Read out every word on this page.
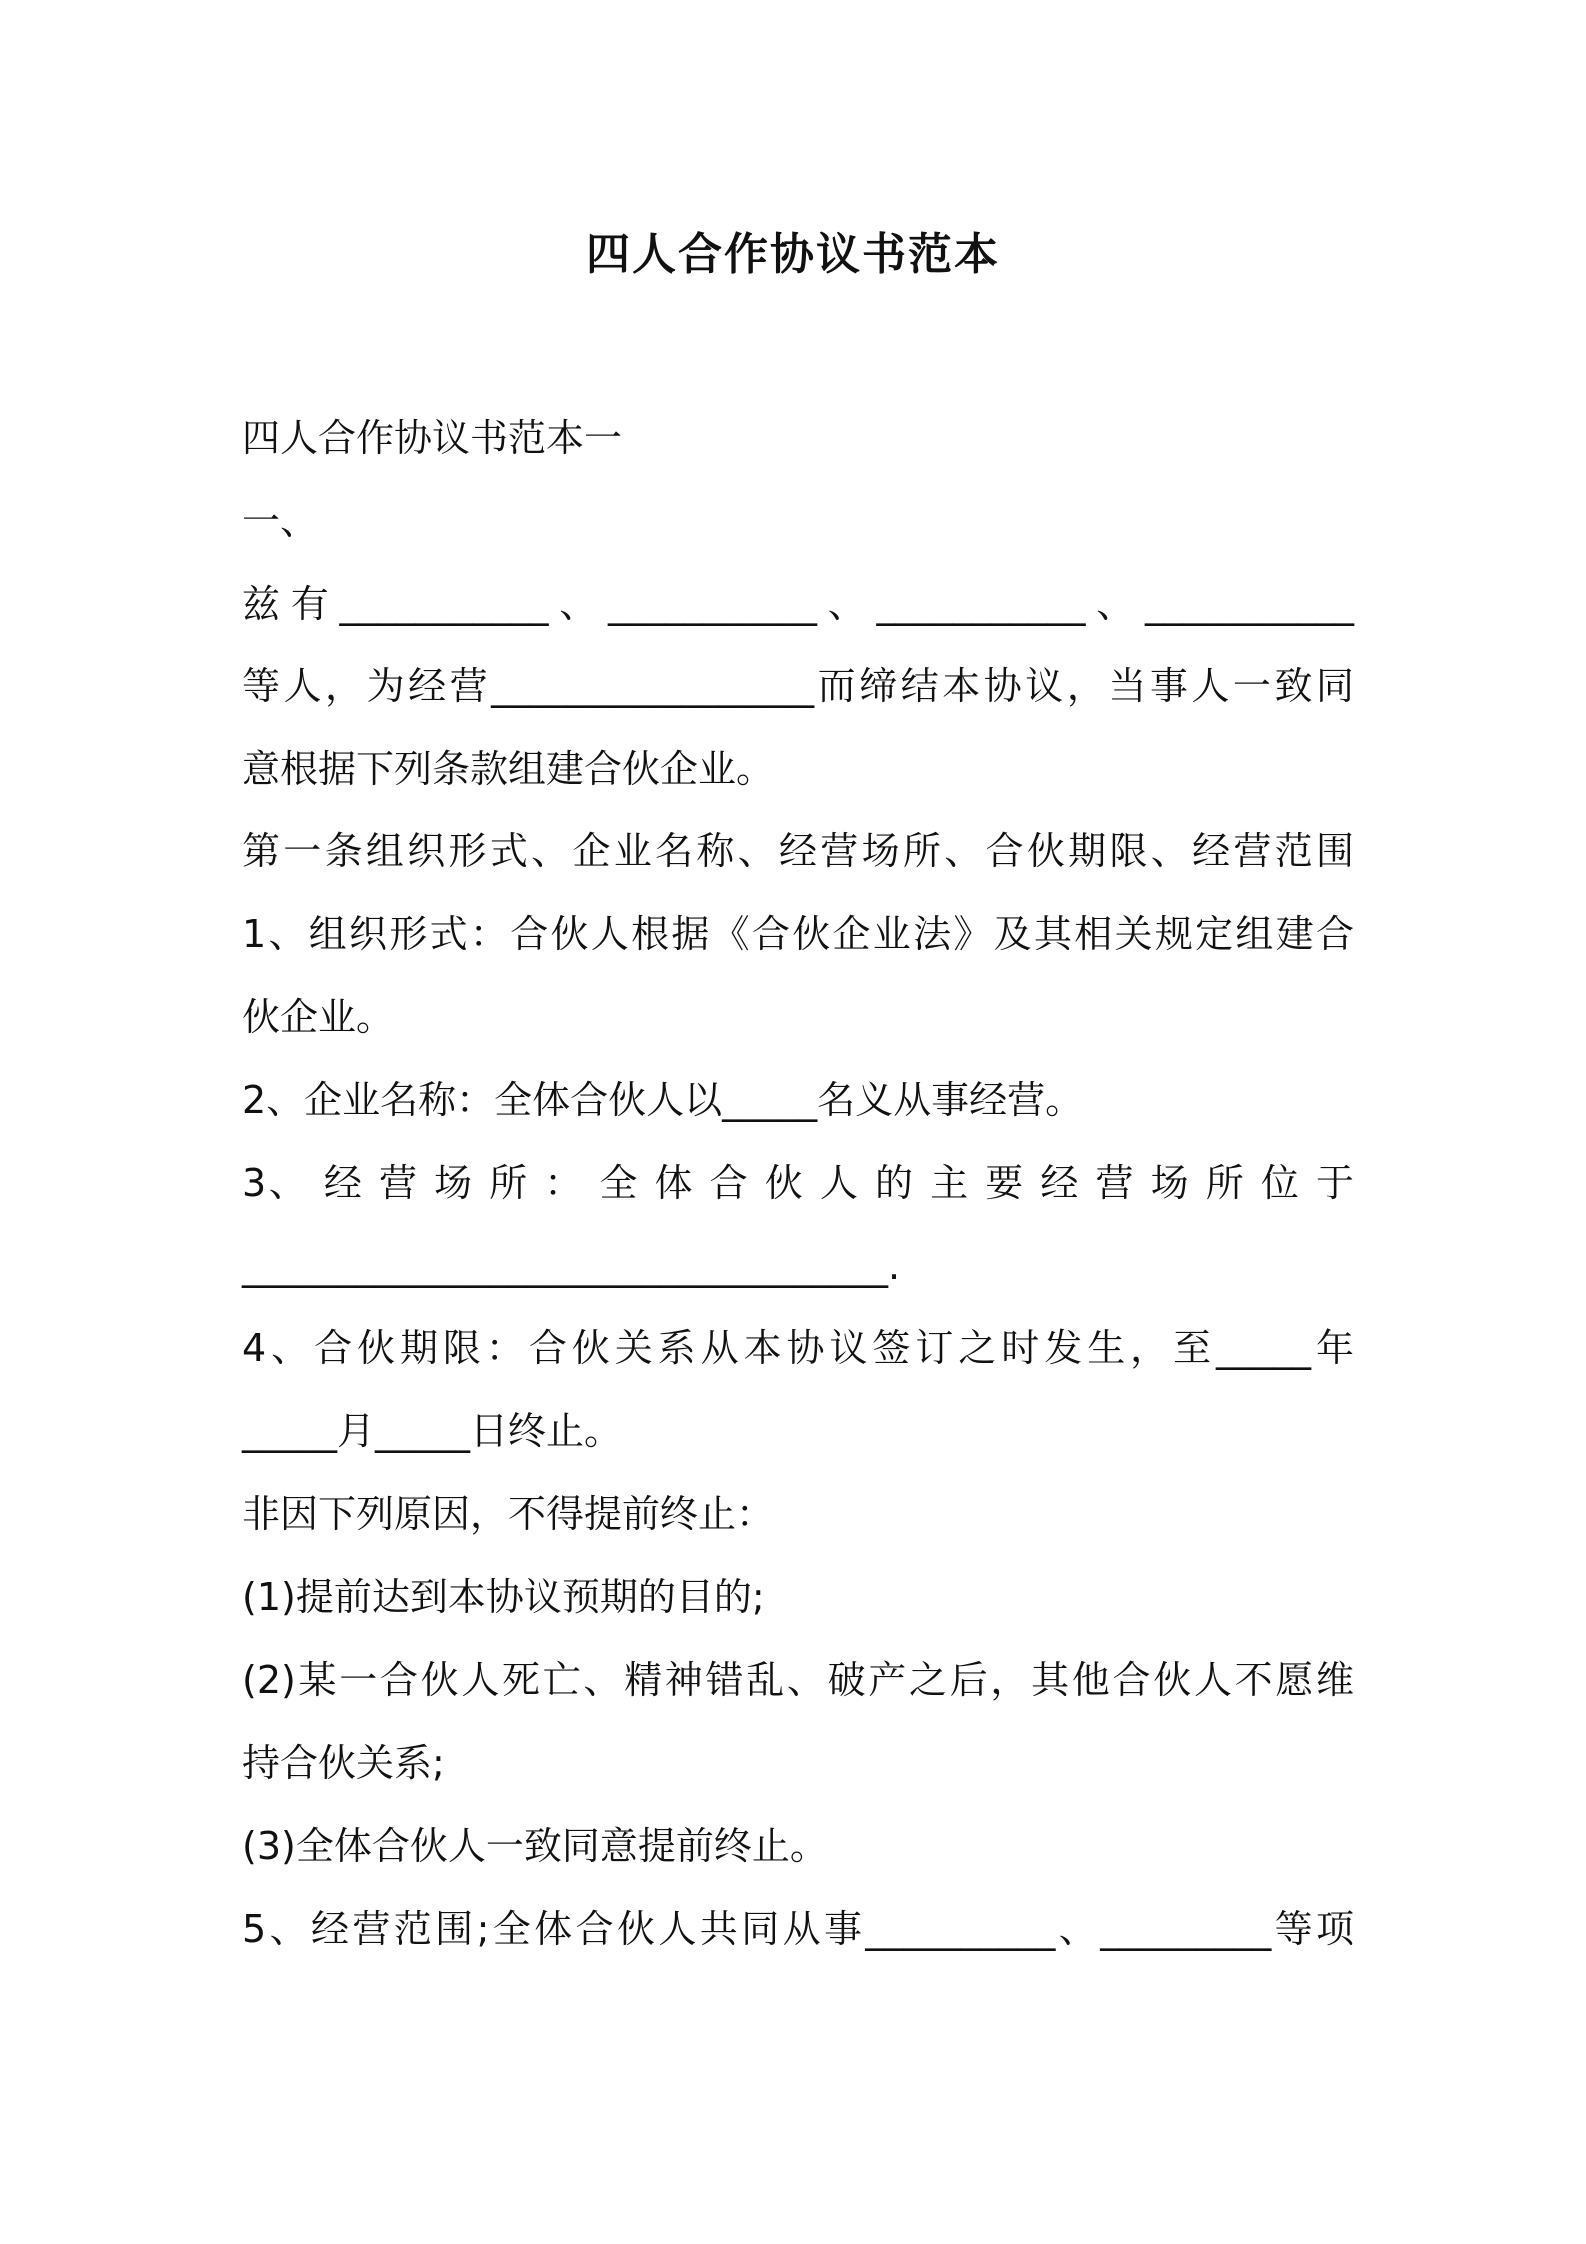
四人合作协议书范本
四人合作协议书范本一
一、
兹有___________、___________、___________、___________
等人，为经营_________________而缔结本协议，当事人一致同
意根据下列条款组建合伙企业。
第一条组织形式、企业名称、经营场所、合伙期限、经营范围
1、组织形式：合伙人根据《合伙企业法》及其相关规定组建合
伙企业。
2、企业名称：全体合伙人以_____名义从事经营。
3、 经 营 场 所 ： 全 体 合 伙 人 的 主 要 经 营 场 所 位 于
__________________________________.
4、合伙期限：合伙关系从本协议签订之时发生，至_____年
_____月_____日终止。
非因下列原因，不得提前终止：
(1)提前达到本协议预期的目的;
(2)某一合伙人死亡、精神错乱、破产之后，其他合伙人不愿维
持合伙关系;
(3)全体合伙人一致同意提前终止。
5、经营范围;全体合伙人共同从事__________、_________等项
